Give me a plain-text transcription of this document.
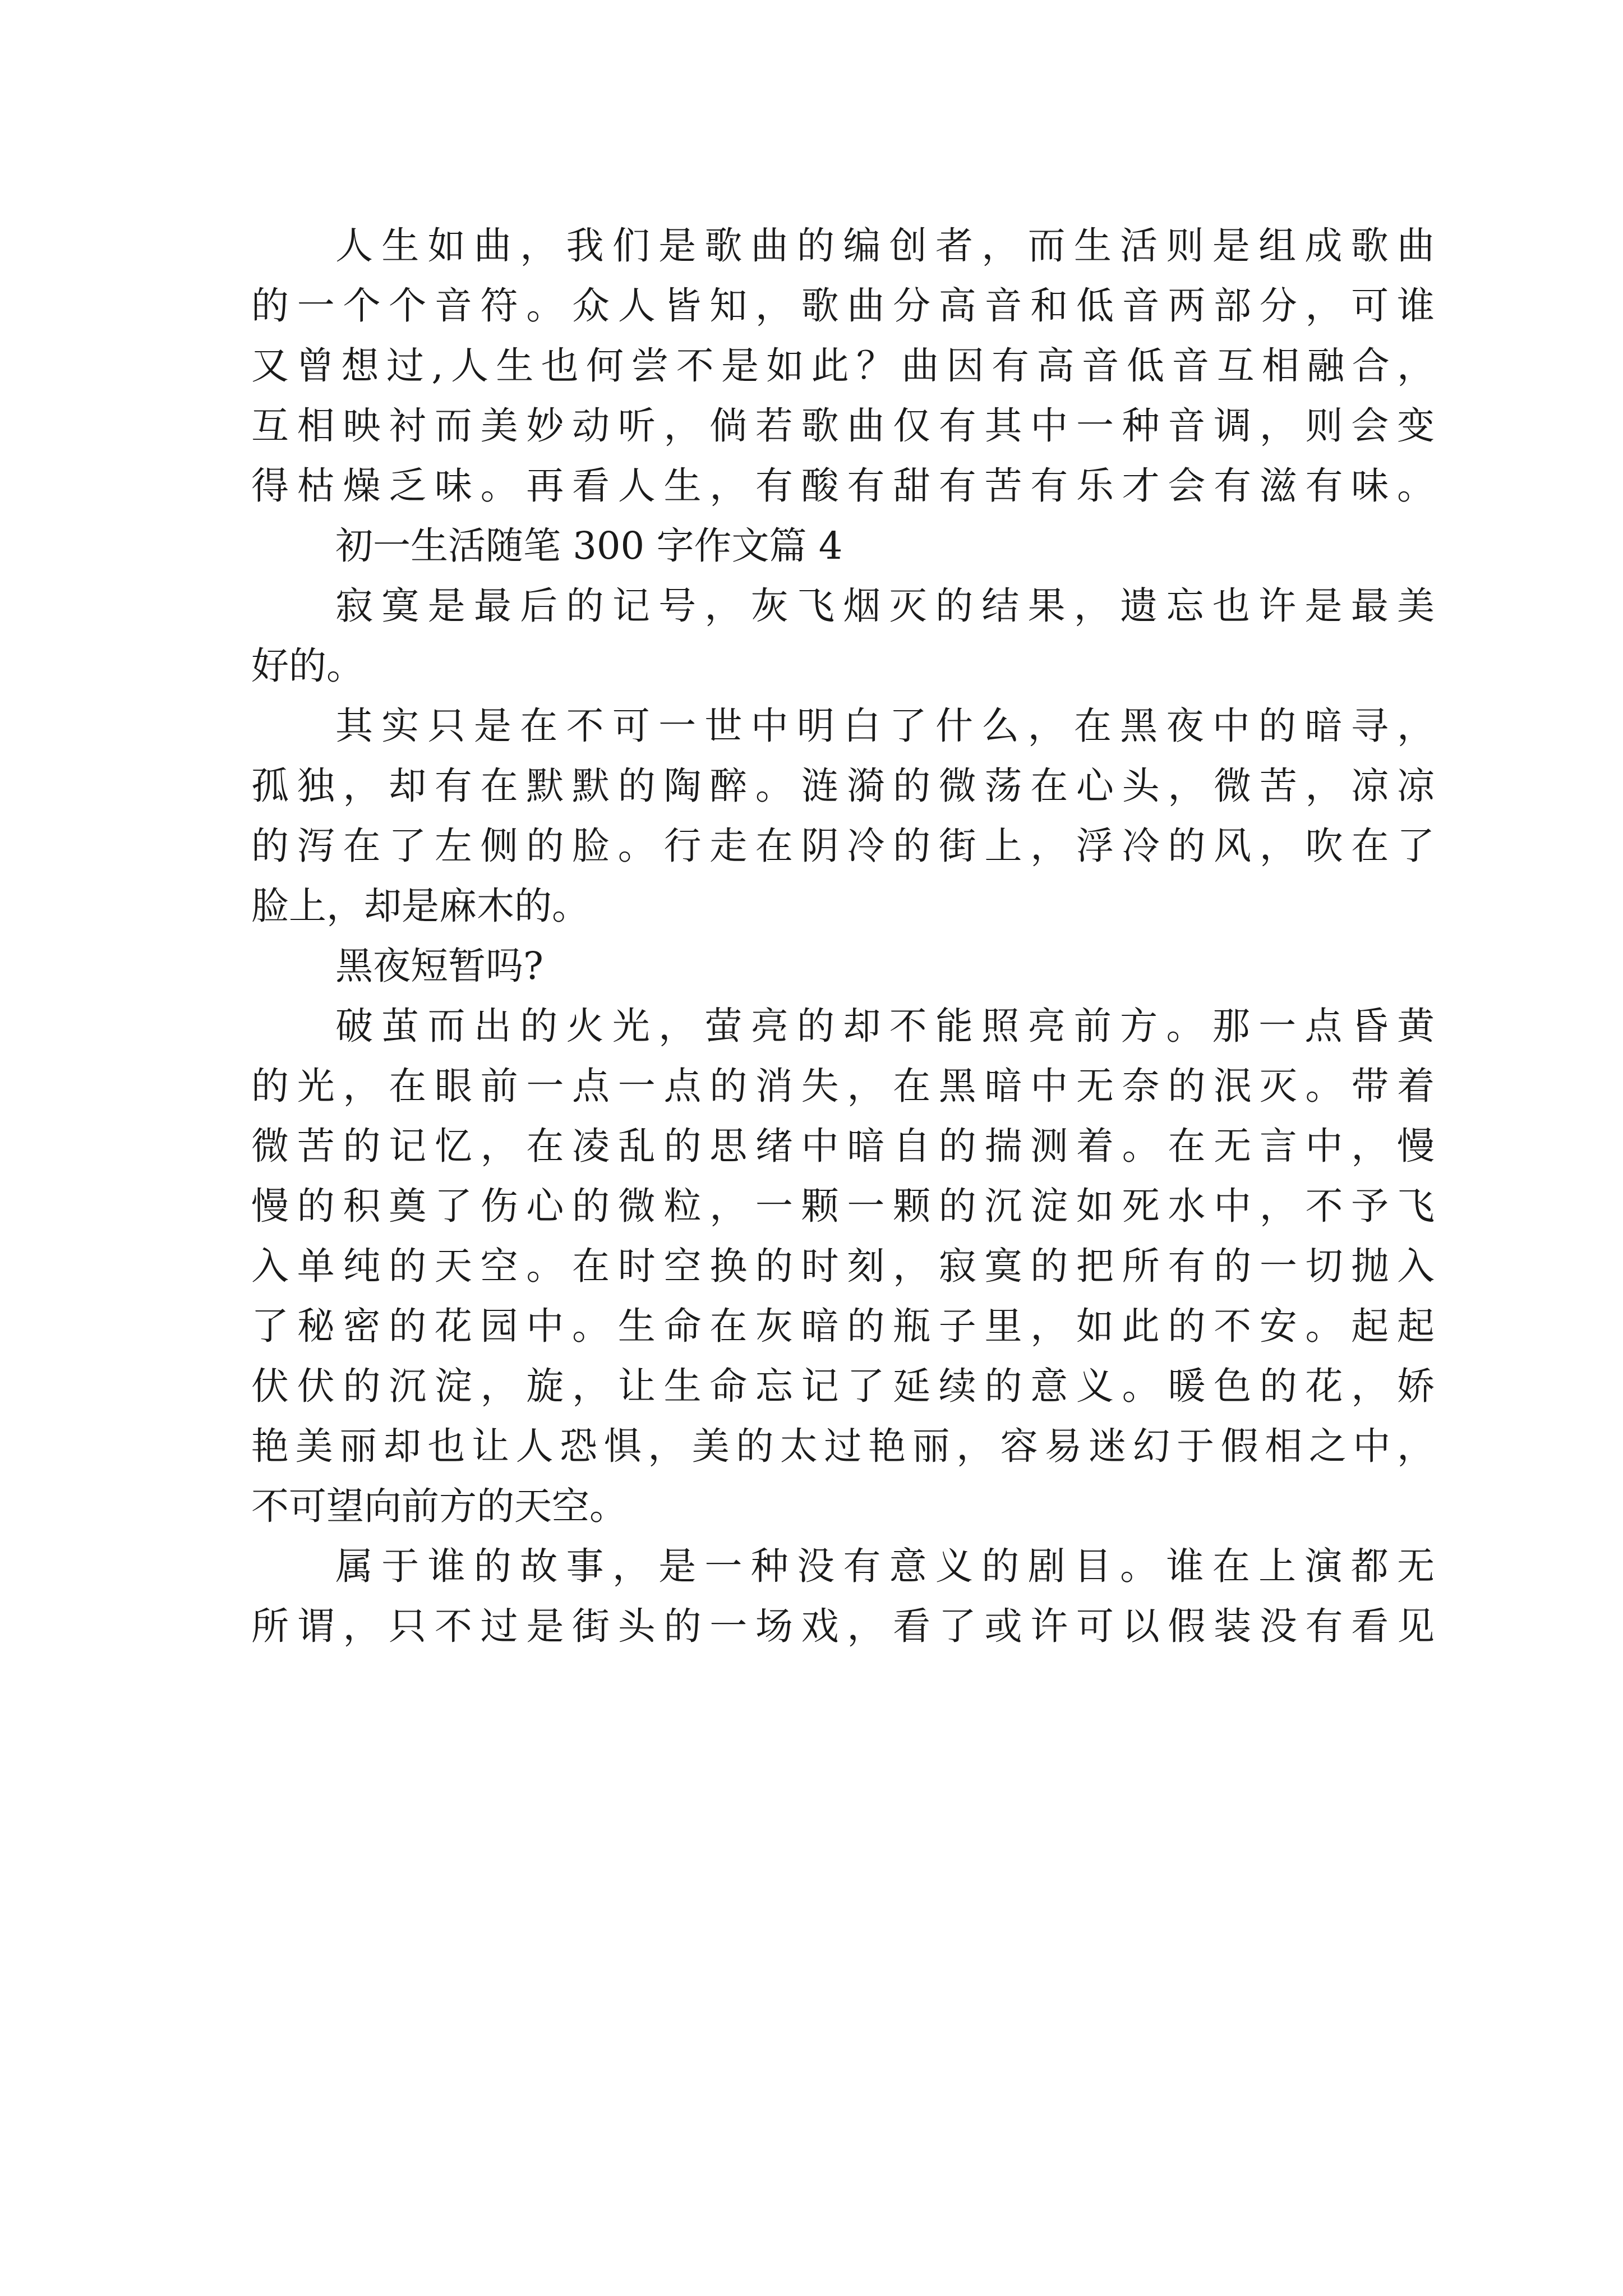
人生如曲，我们是歌曲的编创者，而生活则是组成歌曲
的一个个音符。众人皆知，歌曲分高音和低音两部分，可谁
又曾想过,人生也何尝不是如此？曲因有高音低音互相融合，
互相映衬而美妙动听，倘若歌曲仅有其中一种音调，则会变
得枯燥乏味。再看人生，有酸有甜有苦有乐才会有滋有味。
初一生活随笔 300 字作文篇 4
寂寞是最后的记号，灰飞烟灭的结果，遗忘也许是最美
好的。
其实只是在不可一世中明白了什么，在黑夜中的暗寻，
孤独，却有在默默的陶醉。涟漪的微荡在心头，微苦，凉凉
的泻在了左侧的脸。行走在阴冷的街上，浮冷的风，吹在了
脸上，却是麻木的。
黑夜短暂吗?
破茧而出的火光，萤亮的却不能照亮前方。那一点昏黄
的光，在眼前一点一点的消失，在黑暗中无奈的泯灭。带着
微苦的记忆，在凌乱的思绪中暗自的揣测着。在无言中，慢
慢的积奠了伤心的微粒，一颗一颗的沉淀如死水中，不予飞
入单纯的天空。在时空换的时刻，寂寞的把所有的一切抛入
了秘密的花园中。生命在灰暗的瓶子里，如此的不安。起起
伏伏的沉淀，旋，让生命忘记了延续的意义。暖色的花，娇
艳美丽却也让人恐惧，美的太过艳丽，容易迷幻于假相之中，
不可望向前方的天空。
属于谁的故事，是一种没有意义的剧目。谁在上演都无
所谓，只不过是街头的一场戏，看了或许可以假装没有看见
